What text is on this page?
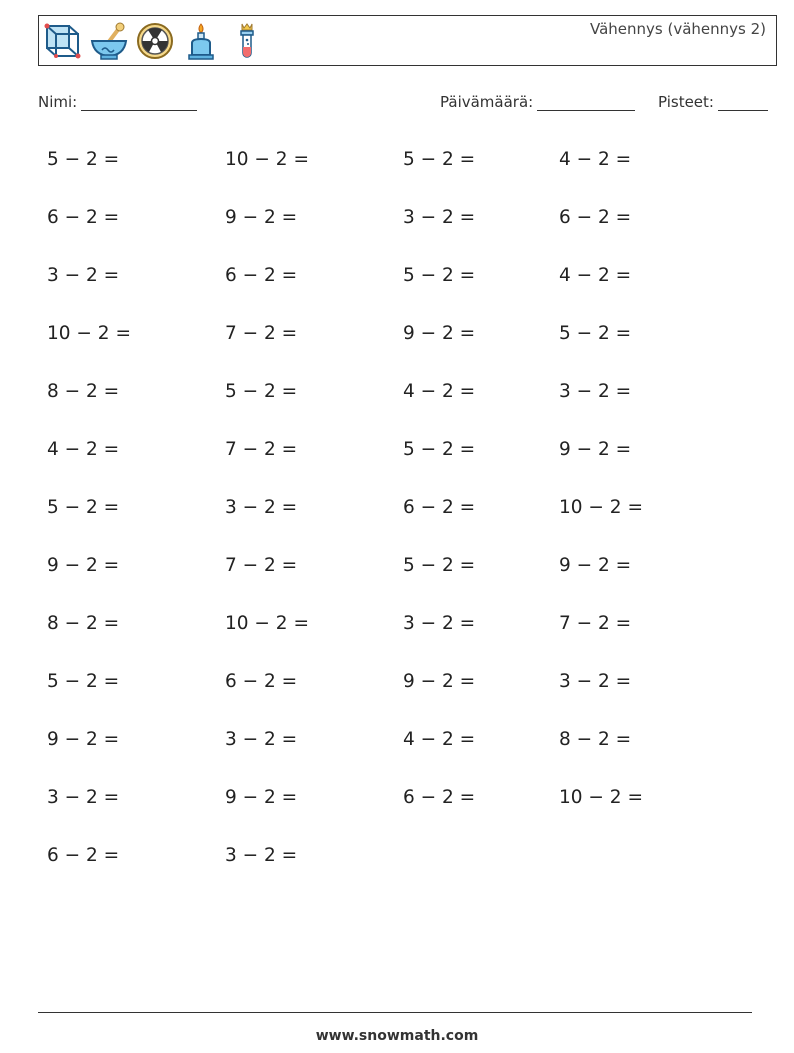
Vähennys (vähennys 2)
Nimi:	Päivämäärä:	Pisteet:
5 − 2 =
6 − 2 =
3 − 2 =
10 − 2 =
8 − 2 =
4 − 2 =
5 − 2 =
9 − 2 =
8 − 2 =
5 − 2 =
9 − 2 =
3 − 2 =
6 − 2 =
10 − 2 =
9 − 2 =
6 − 2 =
7 − 2 =
5 − 2 =
7 − 2 =
3 − 2 =
7 − 2 =
10 − 2 =
6 − 2 =
3 − 2 =
9 − 2 =
3 − 2 =
5 − 2 =
3 − 2 =
5 − 2 =
9 − 2 =
4 − 2 =
5 − 2 =
6 − 2 =
5 − 2 =
3 − 2 =
9 − 2 =
4 − 2 =
6 − 2 =
4 − 2 =
6 − 2 =
4 − 2 =
5 − 2 =
3 − 2 =
9 − 2 =
10 − 2 =
9 − 2 =
7 − 2 =
3 − 2 =
8 − 2 =
10 − 2 =
www.snowmath.com
